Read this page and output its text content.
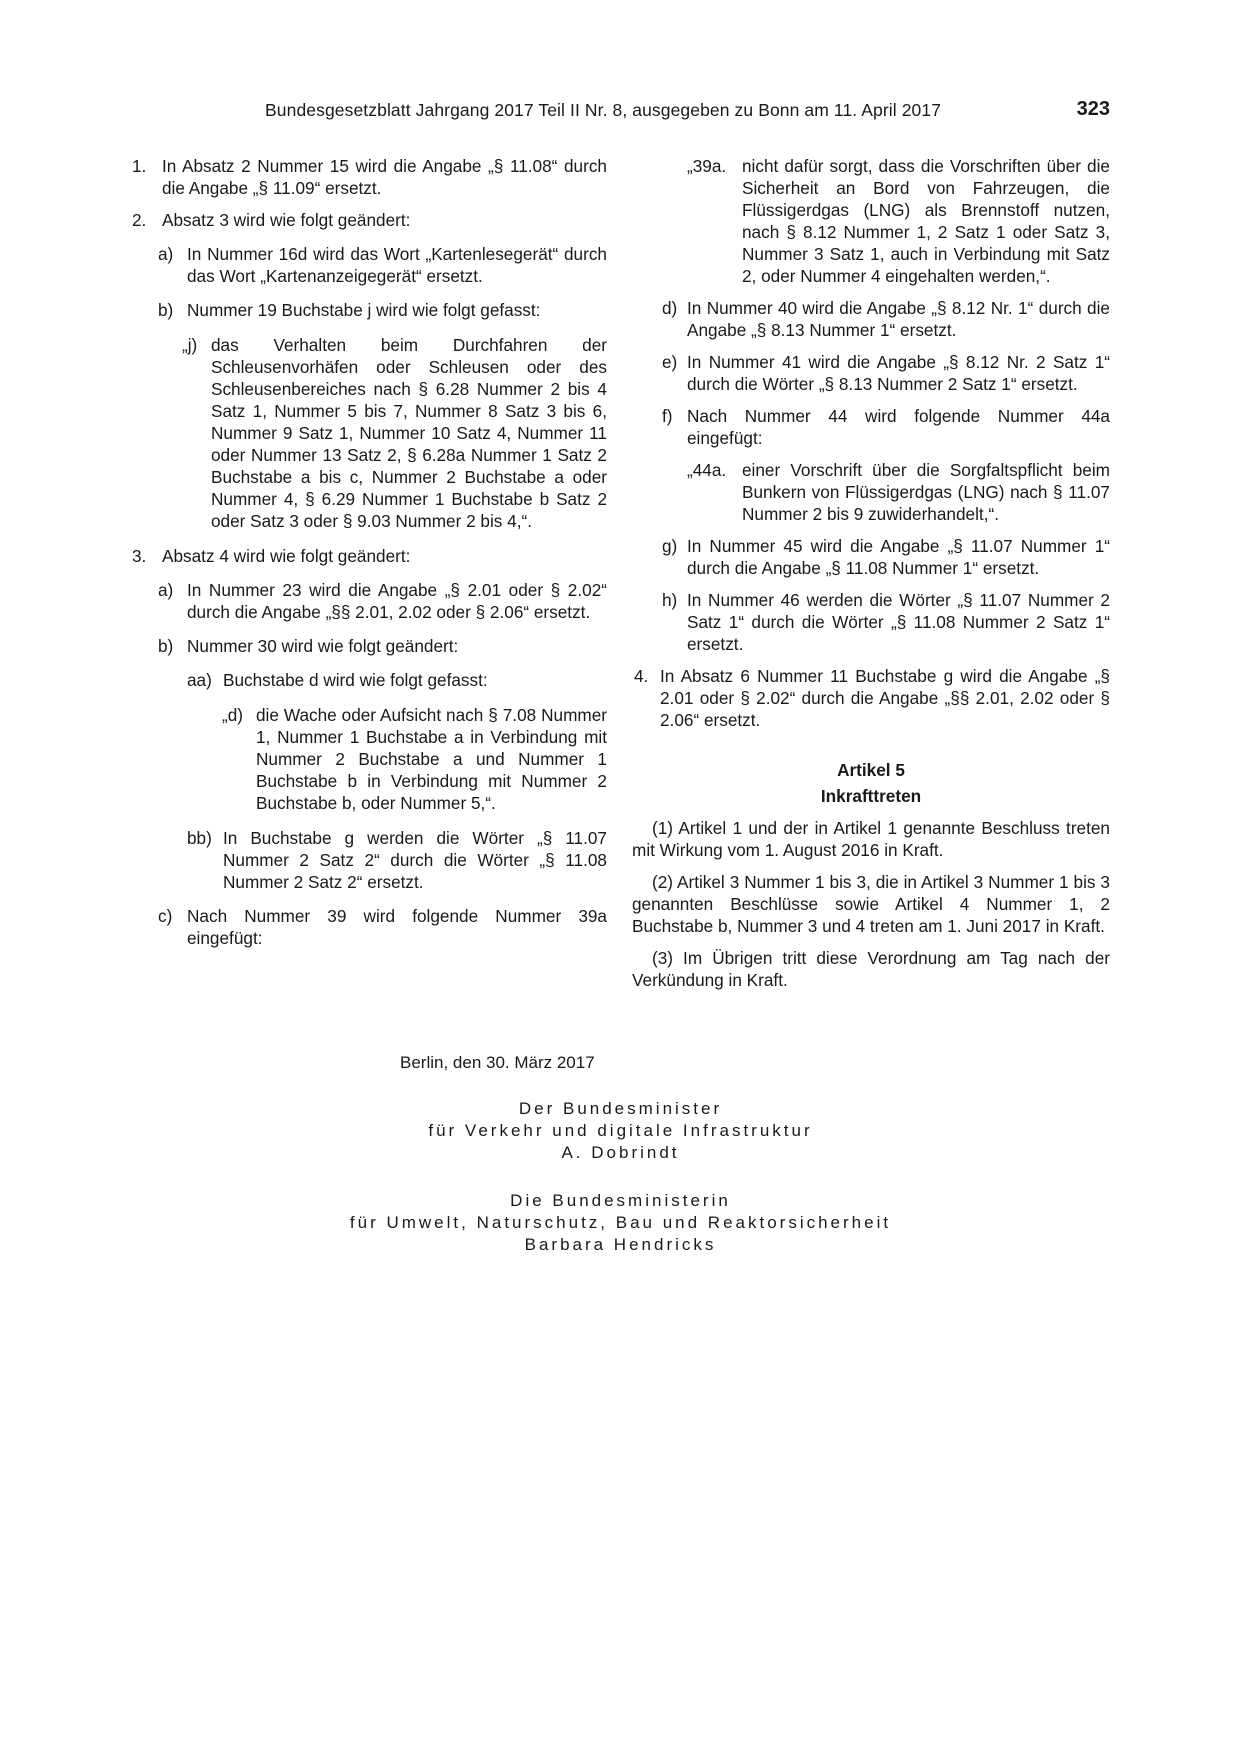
Bundesgesetzblatt Jahrgang 2017 Teil II Nr. 8, ausgegeben zu Bonn am 11. April 2017	323
1. In Absatz 2 Nummer 15 wird die Angabe „§ 11.08“ durch die Angabe „§ 11.09“ ersetzt.
2. Absatz 3 wird wie folgt geändert:
a) In Nummer 16d wird das Wort „Kartenlesegerät“ durch das Wort „Kartenanzeigegerät“ ersetzt.
b) Nummer 19 Buchstabe j wird wie folgt gefasst:
„j) das Verhalten beim Durchfahren der Schleusenvorhäfen oder Schleusen oder des Schleusenbereiches nach § 6.28 Nummer 2 bis 4 Satz 1, Nummer 5 bis 7, Nummer 8 Satz 3 bis 6, Nummer 9 Satz 1, Nummer 10 Satz 4, Nummer 11 oder Nummer 13 Satz 2, § 6.28a Nummer 1 Satz 2 Buchstabe a bis c, Nummer 2 Buchstabe a oder Nummer 4, § 6.29 Nummer 1 Buchstabe b Satz 2 oder Satz 3 oder § 9.03 Nummer 2 bis 4,“.
3. Absatz 4 wird wie folgt geändert:
a) In Nummer 23 wird die Angabe „§ 2.01 oder § 2.02“ durch die Angabe „§§ 2.01, 2.02 oder § 2.06“ ersetzt.
b) Nummer 30 wird wie folgt geändert:
aa) Buchstabe d wird wie folgt gefasst:
„d) die Wache oder Aufsicht nach § 7.08 Nummer 1, Nummer 1 Buchstabe a in Verbindung mit Nummer 2 Buchstabe a und Nummer 1 Buchstabe b in Verbindung mit Nummer 2 Buchstabe b, oder Nummer 5,“.
bb) In Buchstabe g werden die Wörter „§ 11.07 Nummer 2 Satz 2“ durch die Wörter „§ 11.08 Nummer 2 Satz 2“ ersetzt.
c) Nach Nummer 39 wird folgende Nummer 39a eingefügt:
„39a. nicht dafür sorgt, dass die Vorschriften über die Sicherheit an Bord von Fahrzeugen, die Flüssigerdgas (LNG) als Brennstoff nutzen, nach § 8.12 Nummer 1, 2 Satz 1 oder Satz 3, Nummer 3 Satz 1, auch in Verbindung mit Satz 2, oder Nummer 4 eingehalten werden,“.
d) In Nummer 40 wird die Angabe „§ 8.12 Nr. 1“ durch die Angabe „§ 8.13 Nummer 1“ ersetzt.
e) In Nummer 41 wird die Angabe „§ 8.12 Nr. 2 Satz 1“ durch die Wörter „§ 8.13 Nummer 2 Satz 1“ ersetzt.
f) Nach Nummer 44 wird folgende Nummer 44a eingefügt:
„44a. einer Vorschrift über die Sorgfaltspflicht beim Bunkern von Flüssigerdgas (LNG) nach § 11.07 Nummer 2 bis 9 zuwiderhandelt,“.
g) In Nummer 45 wird die Angabe „§ 11.07 Nummer 1“ durch die Angabe „§ 11.08 Nummer 1“ ersetzt.
h) In Nummer 46 werden die Wörter „§ 11.07 Nummer 2 Satz 1“ durch die Wörter „§ 11.08 Nummer 2 Satz 1“ ersetzt.
4. In Absatz 6 Nummer 11 Buchstabe g wird die Angabe „§ 2.01 oder § 2.02“ durch die Angabe „§§ 2.01, 2.02 oder § 2.06“ ersetzt.
Artikel 5
Inkrafttreten
(1) Artikel 1 und der in Artikel 1 genannte Beschluss treten mit Wirkung vom 1. August 2016 in Kraft.
(2) Artikel 3 Nummer 1 bis 3, die in Artikel 3 Nummer 1 bis 3 genannten Beschlüsse sowie Artikel 4 Nummer 1, 2 Buchstabe b, Nummer 3 und 4 treten am 1. Juni 2017 in Kraft.
(3) Im Übrigen tritt diese Verordnung am Tag nach der Verkündung in Kraft.
Berlin, den 30. März 2017
Der Bundesminister
für Verkehr und digitale Infrastruktur
A. Dobrindt
Die Bundesministerin
für Umwelt, Naturschutz, Bau und Reaktorsicherheit
Barbara Hendricks
